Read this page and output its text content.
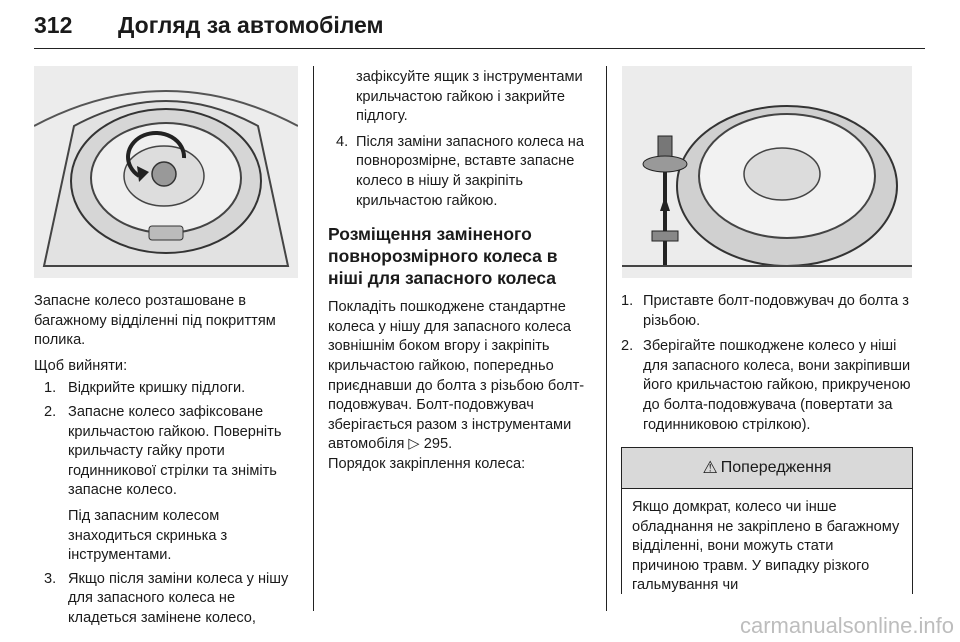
312 Догляд за автомобілем

Запасне колесо розташоване в багажному відділенні під покриттям полика.

Щоб вийняти:

1. Відкрийте кришку підлоги.
2. Запасне колесо зафіксоване крильчастою гайкою. Поверніть крильчасту гайку проти годинникової стрілки та зніміть запасне колесо.
Під запасним колесом знаходиться скринька з інструментами.
3. Якщо після заміни колеса у нішу для запасного колеса не кладеться замінене колесо,

зафіксуйте ящик з інструментами крильчастою гайкою і закрийте підлогу.

4. Після заміни запасного колеса на повнорозмірне, вставте запасне колесо в нішу й закріпіть крильчастою гайкою.
Розміщення заміненого повнорозмірного колеса в ніші для запасного колеса

Покладіть пошкоджене стандартне колеса у нішу для запасного колеса зовнішнім боком вгору і закріпіть крильчастою гайкою, попередньо приєднавши до болта з різьбою болт-подовжувач. Болт-подовжувач зберігається разом з інструментами автомобіля ▷ 295.

Порядок закріплення колеса:

1. Приставте болт-подовжувач до болта з різьбою.
2. Зберігайте пошкоджене колесо у ніші для запасного колеса, вони закріпивши його крильчастою гайкою, прикрученою до болта-подовжувача (повертати за годинниковою стрілкою).
⚠ Попередження
Якщо домкрат, колесо чи інше обладнання не закріплено в багажному відділенні, вони можуть стати причиною травм. У випадку різкого гальмування чи
carmanualsonline.info
